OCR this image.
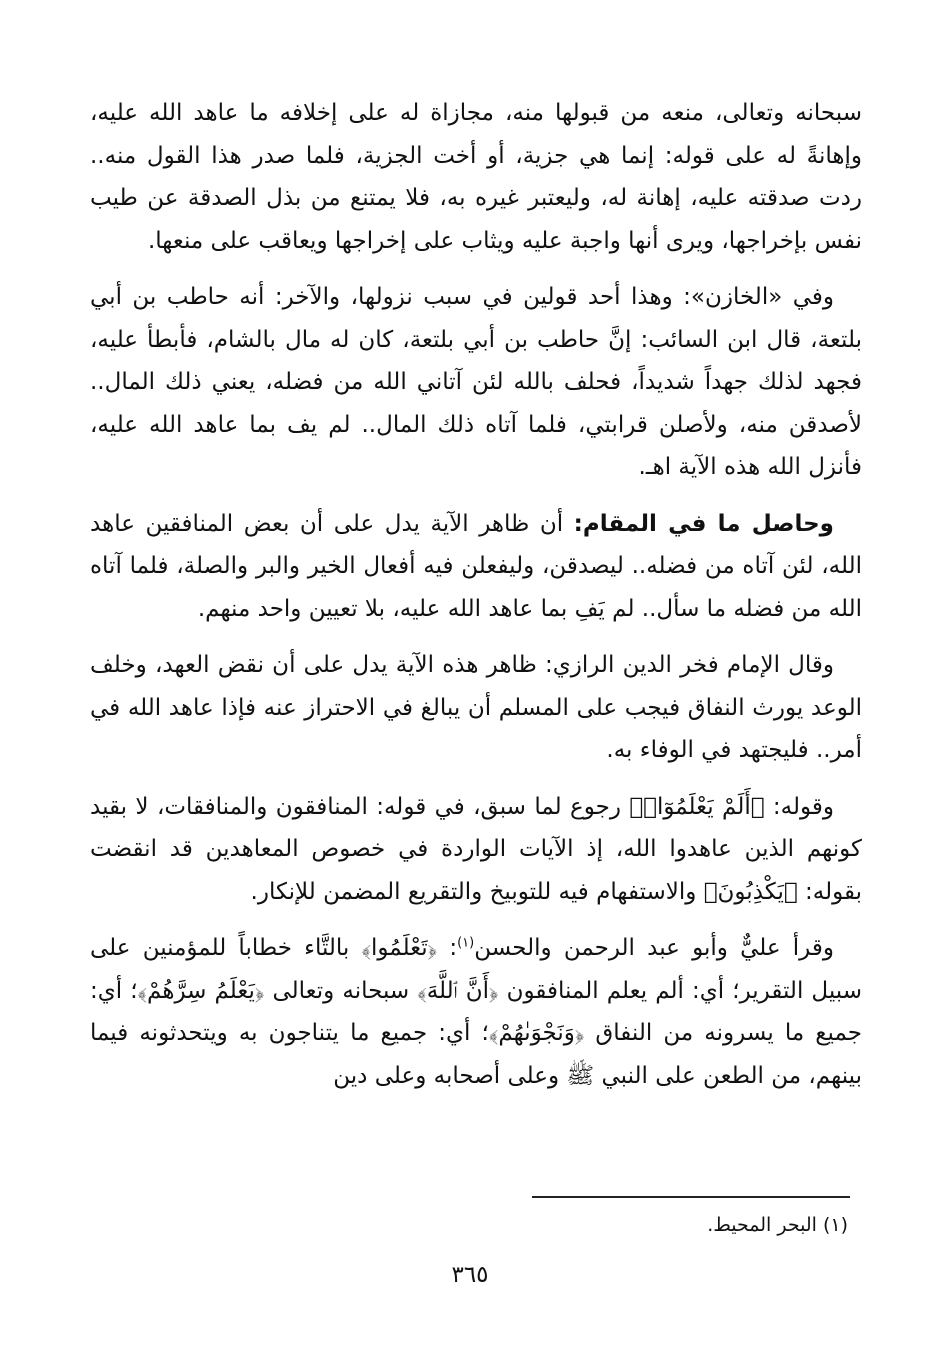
سبحانه وتعالى، منعه من قبولها منه، مجازاة له على إخلافه ما عاهد الله عليه، وإهانةً له على قوله: إنما هي جزية، أو أخت الجزية، فلما صدر هذا القول منه.. ردت صدقته عليه، إهانة له، وليعتبر غيره به، فلا يمتنع من بذل الصدقة عن طيب نفس بإخراجها، ويرى أنها واجبة عليه ويثاب على إخراجها ويعاقب على منعها.

وفي «الخازن»: وهذا أحد قولين في سبب نزولها، والآخر: أنه حاطب بن أبي بلتعة، قال ابن السائب: إنَّ حاطب بن أبي بلتعة، كان له مال بالشام، فأبطأ عليه، فجهد لذلك جهداً شديداً، فحلف بالله لئن آتاني الله من فضله، يعني ذلك المال.. لأصدقن منه، ولأصلن قرابتي، فلما آتاه ذلك المال.. لم يف بما عاهد الله عليه، فأنزل الله هذه الآية اهـ.

وحاصل ما في المقام: أن ظاهر الآية يدل على أن بعض المنافقين عاهد الله، لئن آتاه من فضله.. ليصدقن، وليفعلن فيه أفعال الخير والبر والصلة، فلما آتاه الله من فضله ما سأل.. لم يَفِ بما عاهد الله عليه، بلا تعيين واحد منهم.

وقال الإمام فخر الدين الرازي: ظاهر هذه الآية يدل على أن نقض العهد، وخلف الوعد يورث النفاق فيجب على المسلم أن يبالغ في الاحتراز عنه فإذا عاهد الله في أمر.. فليجتهد في الوفاء به.

وقوله: ﴿أَلَمْ يَعْلَمُوٓا۟﴾ رجوع لما سبق، في قوله: المنافقون والمنافقات، لا بقيد كونهم الذين عاهدوا الله، إذ الآيات الواردة في خصوص المعاهدين قد انقضت بقوله: ﴿يَكْذِبُونَ﴾ والاستفهام فيه للتوبيخ والتقريع المضمن للإنكار.

وقرأ عليٌّ وأبو عبد الرحمن والحسن$^{(١)}$: ﴿تَعْلَمُوا﴾ بالتَّاء خطاباً للمؤمنين على سبيل التقرير؛ أي: ألم يعلم المنافقون ﴿أَنَّ ٱللَّهَ﴾ سبحانه وتعالى ﴿يَعْلَمُ سِرَّهُمْ﴾؛ أي: جميع ما يسرونه من النفاق ﴿وَنَجْوَىٰهُمْ﴾؛ أي: جميع ما يتناجون به ويتحدثونه فيما بينهم، من الطعن على النبي ﷺ وعلى أصحابه وعلى دين

(١) البحر المحيط.
٣٦٥
